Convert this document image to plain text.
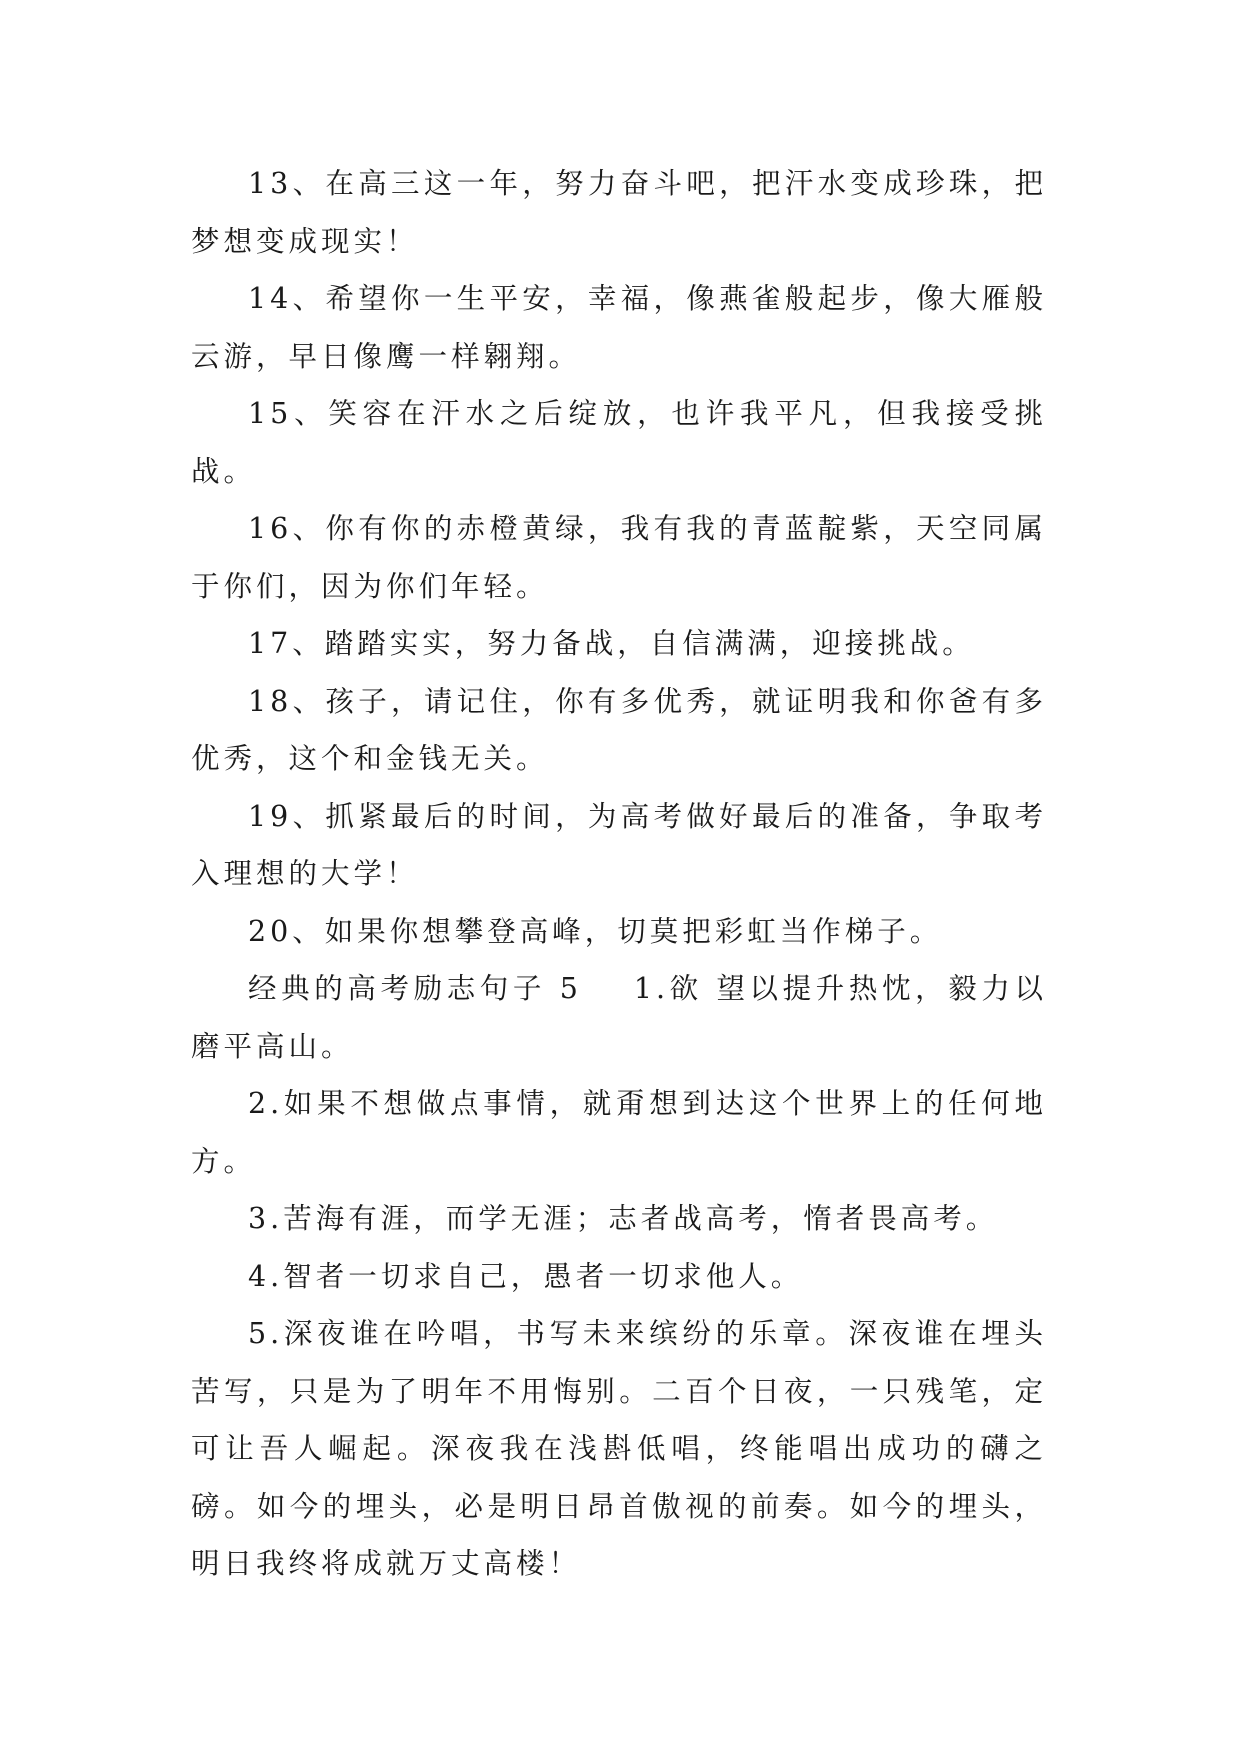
13、在高三这一年，努力奋斗吧，把汗水变成珍珠，把梦想变成现实！

14、希望你一生平安，幸福，像燕雀般起步，像大雁般云游，早日像鹰一样翱翔。

15、笑容在汗水之后绽放，也许我平凡，但我接受挑战。

16、你有你的赤橙黄绿，我有我的青蓝靛紫，天空同属于你们，因为你们年轻。

17、踏踏实实，努力备战，自信满满，迎接挑战。

18、孩子，请记住，你有多优秀，就证明我和你爸有多优秀，这个和金钱无关。

19、抓紧最后的时间，为高考做好最后的准备，争取考入理想的大学！

20、如果你想攀登高峰，切莫把彩虹当作梯子。

经典的高考励志句子 5 1.欲 望以提升热忱，毅力以磨平高山。

2.如果不想做点事情，就甭想到达这个世界上的任何地方。

3.苦海有涯，而学无涯；志者战高考，惰者畏高考。

4.智者一切求自己，愚者一切求他人。

5.深夜谁在吟唱，书写未来缤纷的乐章。深夜谁在埋头苦写，只是为了明年不用悔别。二百个日夜，一只残笔，定可让吾人崛起。深夜我在浅斟低唱，终能唱出成功的礴之磅。如今的埋头，必是明日昂首傲视的前奏。如今的埋头，明日我终将成就万丈高楼！
